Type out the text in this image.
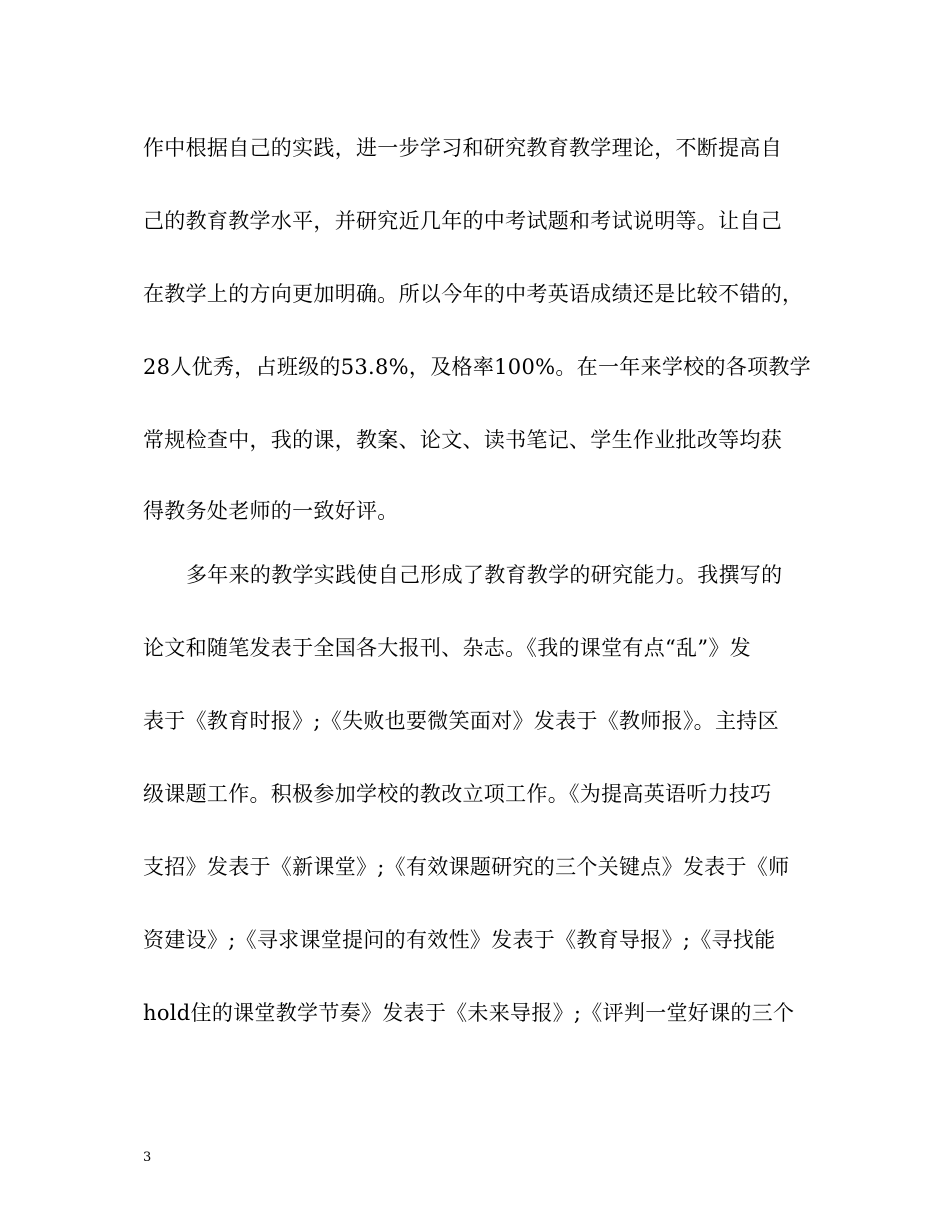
作中根据自己的实践，进一步学习和研究教育教学理论，不断提高自
己的教育教学水平，并研究近几年的中考试题和考试说明等。让自己
在教学上的方向更加明确。所以今年的中考英语成绩还是比较不错的，
28人优秀，占班级的53.8%，及格率100%。在一年来学校的各项教学
常规检查中，我的课，教案、论文、读书笔记、学生作业批改等均获
得教务处老师的一致好评。
多年来的教学实践使自己形成了教育教学的研究能力。我撰写的
论文和随笔发表于全国各大报刊、杂志。《我的课堂有点“乱”》发
表于《教育时报》;《失败也要微笑面对》发表于《教师报》。主持区
级课题工作。积极参加学校的教改立项工作。《为提高英语听力技巧
支招》发表于《新课堂》;《有效课题研究的三个关键点》发表于《师
资建设》;《寻求课堂提问的有效性》发表于《教育导报》;《寻找能
hold住的课堂教学节奏》发表于《未来导报》;《评判一堂好课的三个
3
